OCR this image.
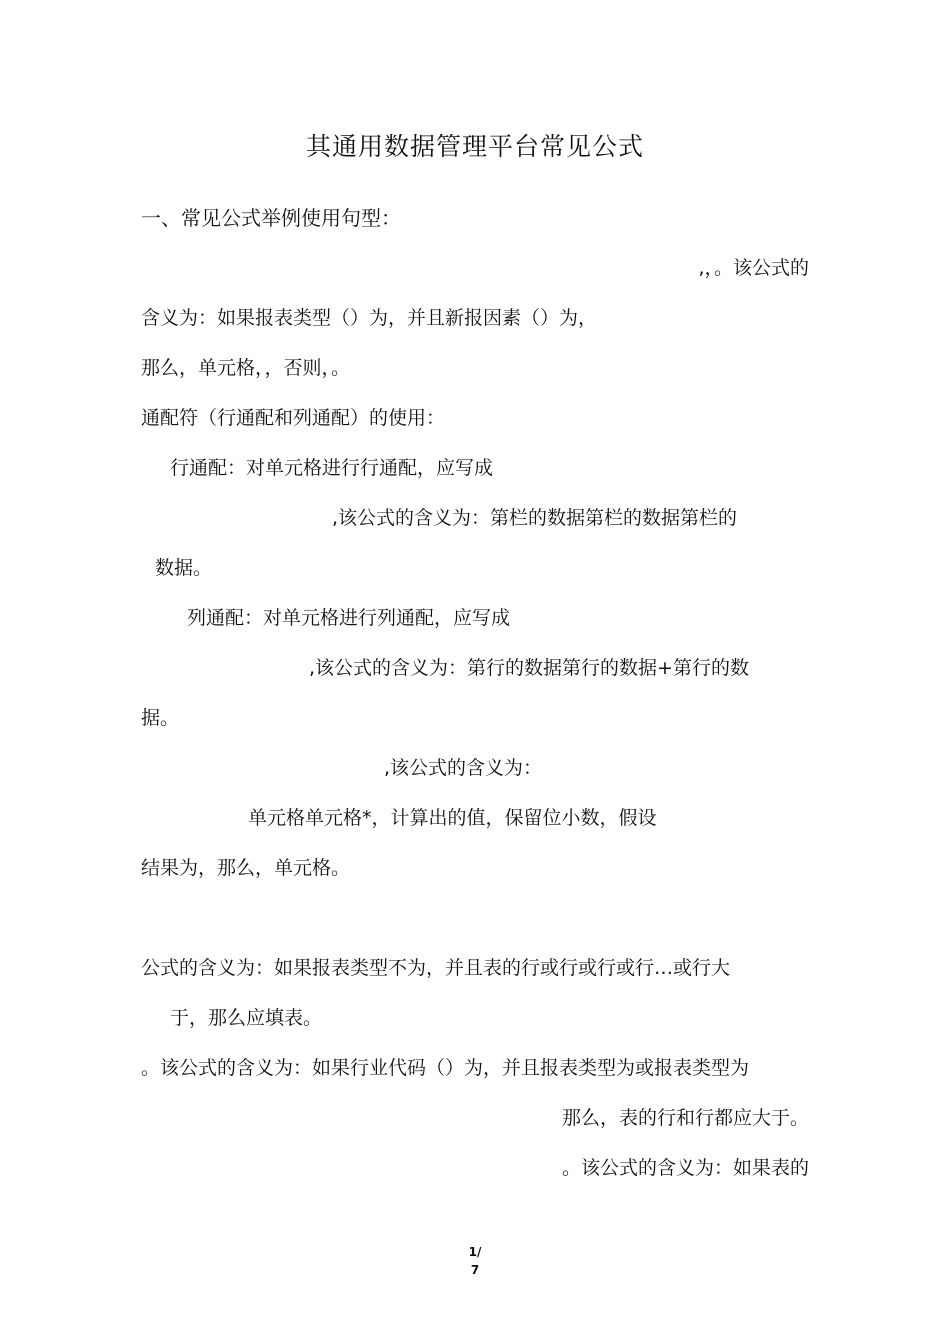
其通用数据管理平台常见公式
一、常见公式举例使用句型：
,，。该公式的
含义为：如果报表类型（）为，并且新报因素（）为，
那么，单元格，，否则，。
通配符（行通配和列通配）的使用：
行通配：对单元格进行行通配，应写成
,该公式的含义为：第栏的数据第栏的数据第栏的
数据。
列通配：对单元格进行列通配，应写成
,该公式的含义为：第行的数据第行的数据+第行的数
据。
,该公式的含义为：
单元格单元格*，计算出的值，保留位小数，假设
结果为，那么，单元格。
公式的含义为：如果报表类型不为，并且表的行或行或行或行…或行大
于，那么应填表。
。该公式的含义为：如果行业代码（）为，并且报表类型为或报表类型为
那么，表的行和行都应大于。
。该公式的含义为：如果表的
1/
7
